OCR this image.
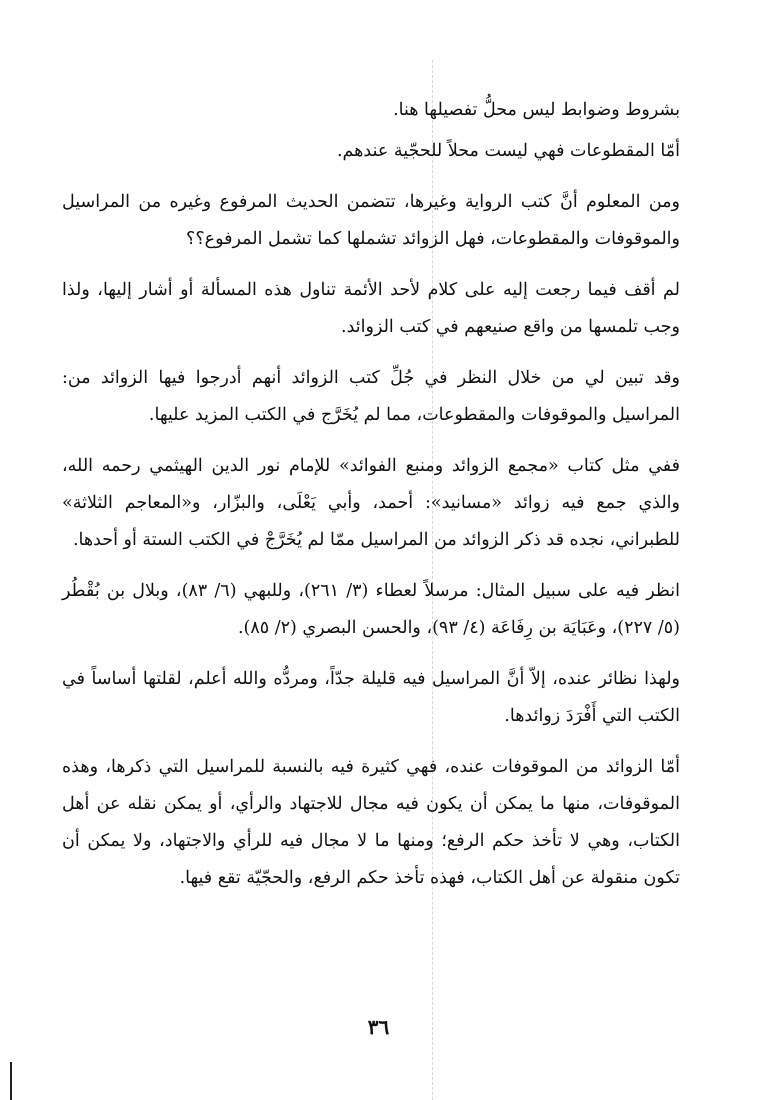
بشروط وضوابط ليس محلُّ تفصيلها هنا.

أمّا المقطوعات فهي ليست محلاً للحجّية عندهم.

ومن المعلوم أنَّ كتب الرواية وغيرها، تتضمن الحديث المرفوع وغيره من المراسيل والموقوفات والمقطوعات، فهل الزوائد تشملها كما تشمل المرفوع؟؟

لم أقف فيما رجعت إليه على كلام لأحد الأئمة تناول هذه المسألة أو أشار إليها، ولذا وجب تلمسها من واقع صنيعهم في كتب الزوائد.

وقد تبين لي من خلال النظر في جُلِّ كتب الزوائد أنهم أدرجوا فيها الزوائد من: المراسيل والموقوفات والمقطوعات، مما لم يُخَرَّج في الكتب المزيد عليها.

ففي مثل كتاب «مجمع الزوائد ومنبع الفوائد» للإمام نور الدين الهيثمي رحمه الله، والذي جمع فيه زوائد «مسانيد»: أحمد، وأبي يَعْلَى، والبزّار، و«المعاجم الثلاثة» للطبراني، نجده قد ذكر الزوائد من المراسيل ممّا لم يُخَرَّجْ في الكتب الستة أو أحدها.

انظر فيه على سبيل المثال: مرسلاً لعطاء (٣/ ٢٦١)، وللبهي (٦/ ٨٣)، وبلال بن بُقْطُر (٥/ ٢٢٧)، وعَبَايَة بن رِفَاعَة (٤/ ٩٣)، والحسن البصري (٢/ ٨٥).

ولهذا نظائر عنده، إلاّ أنَّ المراسيل فيه قليلة جدّاً، ومردُّه والله أعلم، لقلتها أساساً في الكتب التي أَفْرَدَ زوائدها.

أمّا الزوائد من الموقوفات عنده، فهي كثيرة فيه بالنسبة للمراسيل التي ذكرها، وهذه الموقوفات، منها ما يمكن أن يكون فيه مجال للاجتهاد والرأي، أو يمكن نقله عن أهل الكتاب، وهي لا تأخذ حكم الرفع؛ ومنها ما لا مجال فيه للرأي والاجتهاد، ولا يمكن أن تكون منقولة عن أهل الكتاب، فهذه تأخذ حكم الرفع، والحجّيّة تقع فيها.

٣٦
